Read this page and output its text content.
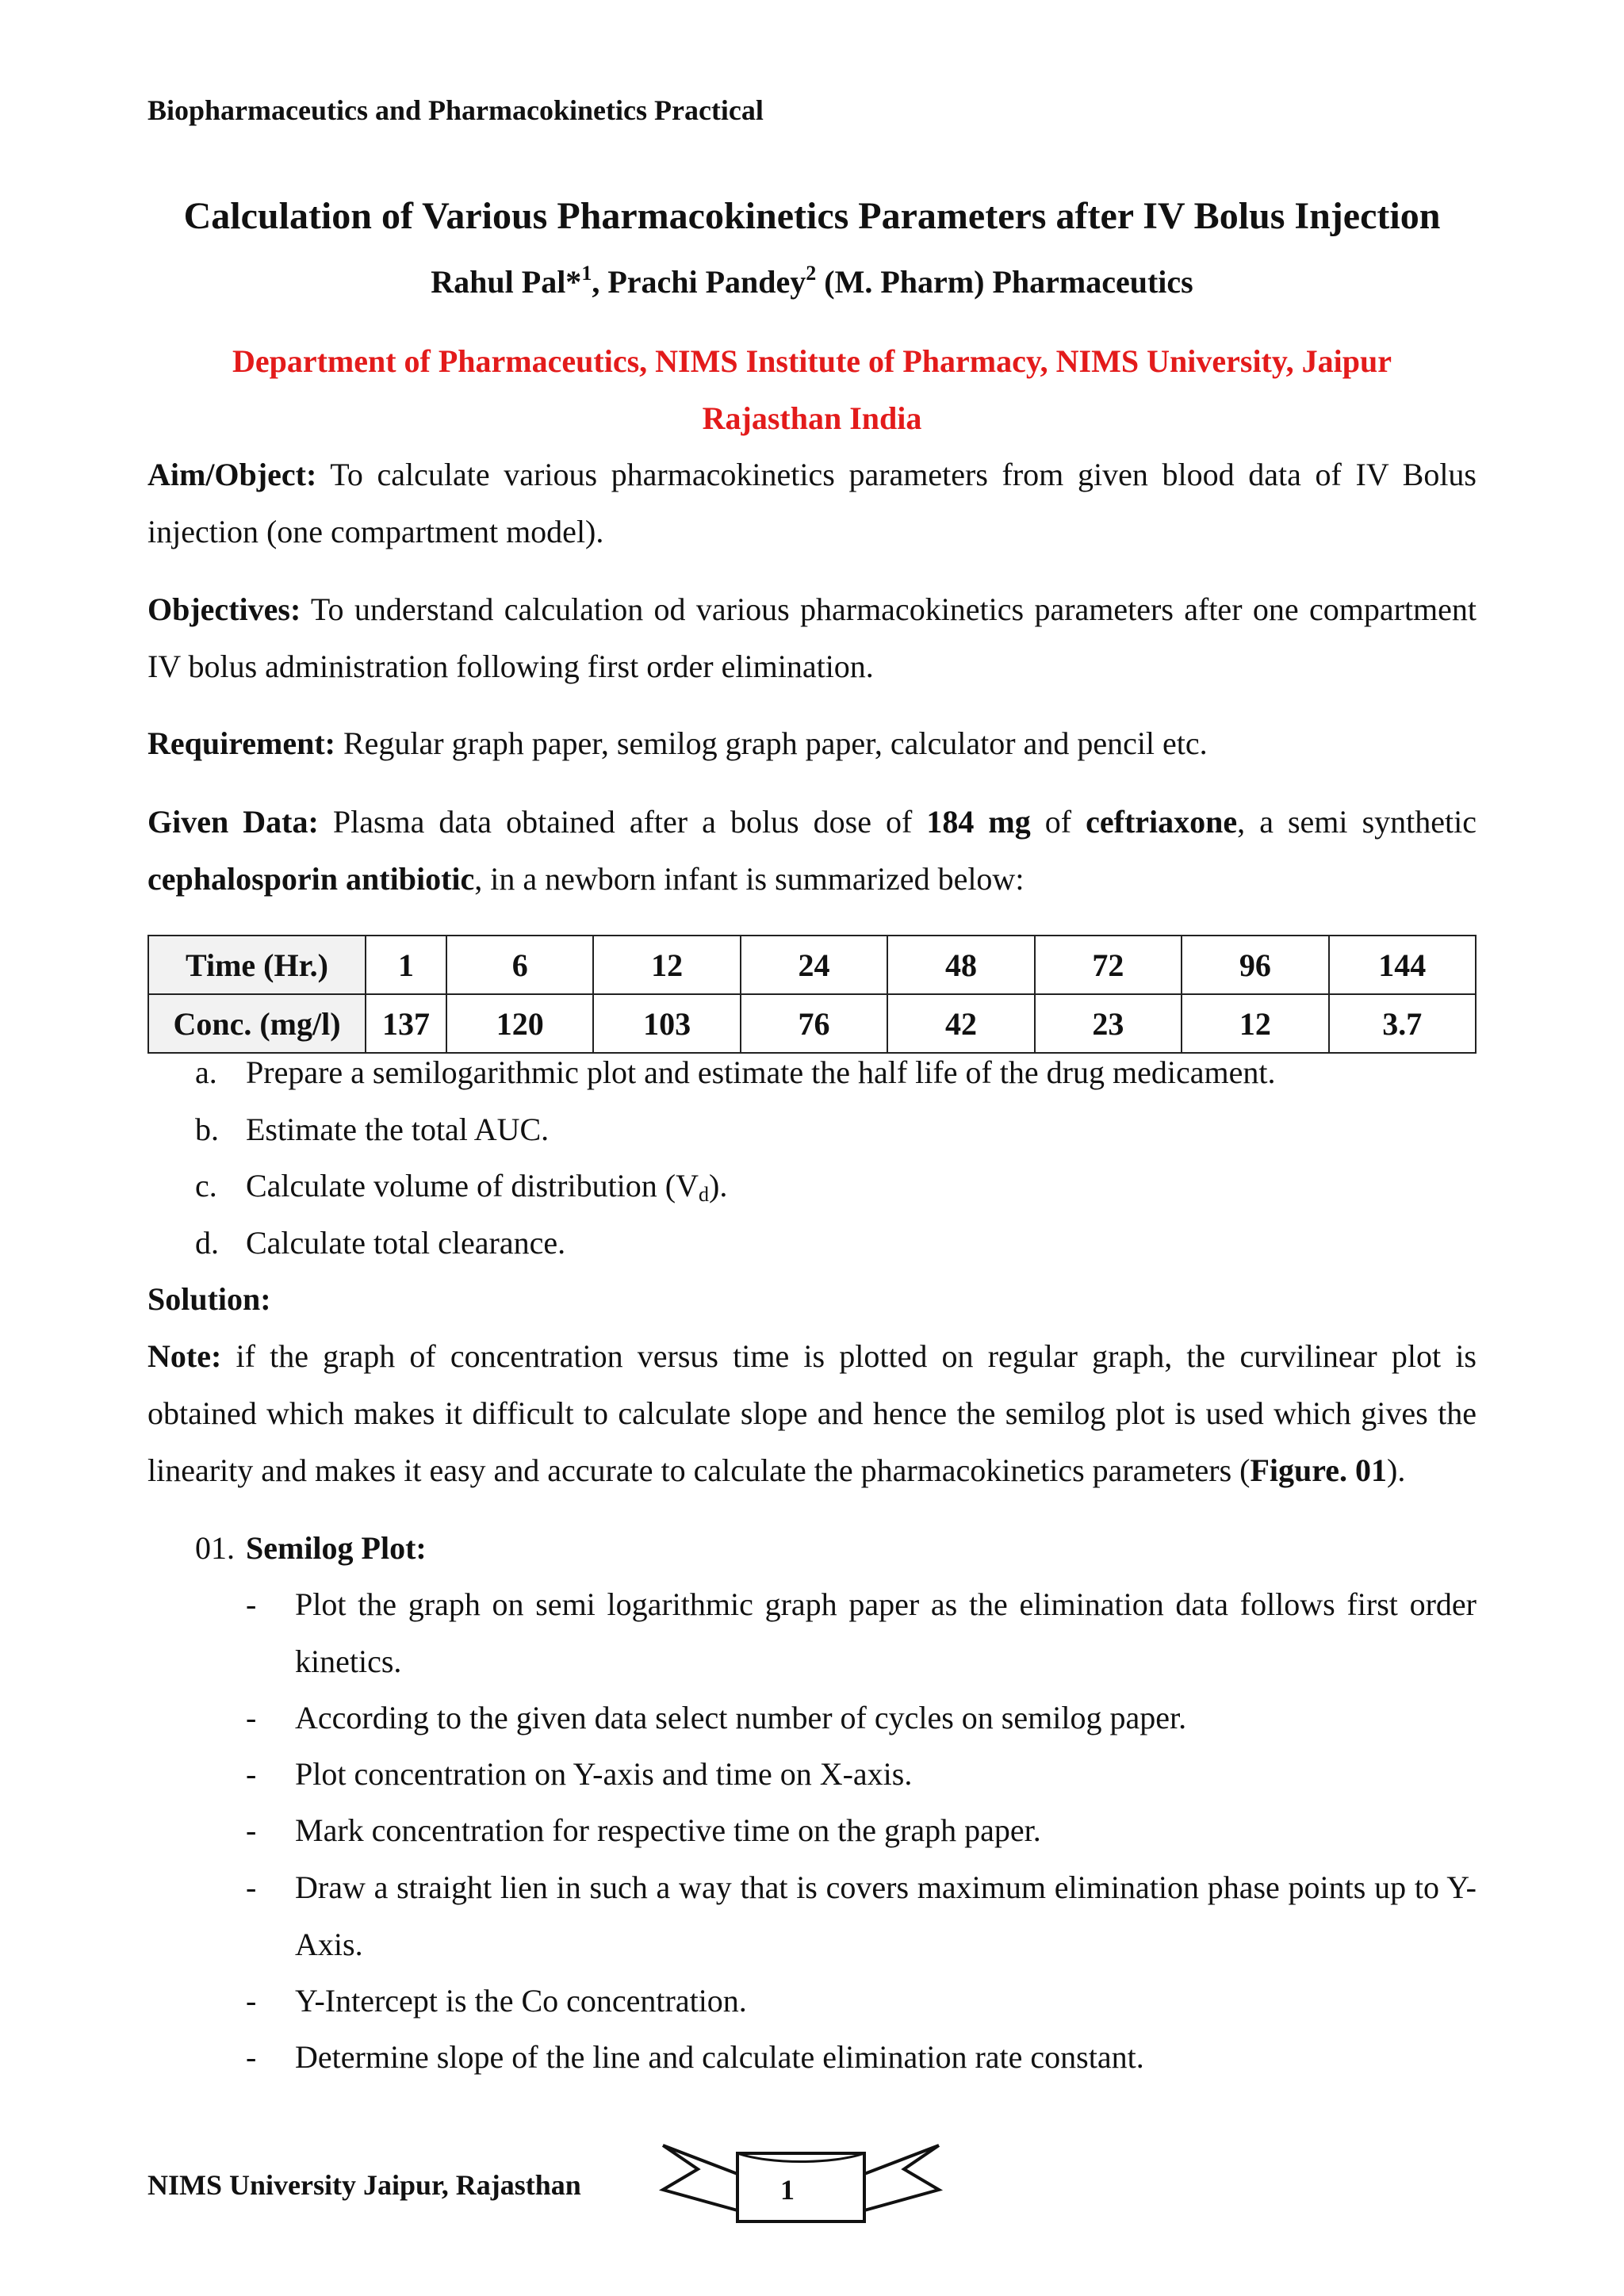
Biopharmaceutics and Pharmacokinetics Practical
Calculation of Various Pharmacokinetics Parameters after IV Bolus Injection
Rahul Pal*$^1$, Prachi Pandey$^2$ (M. Pharm) Pharmaceutics
Department of Pharmaceutics, NIMS Institute of Pharmacy, NIMS University, Jaipur
Rajasthan India
Aim/Object: To calculate various pharmacokinetics parameters from given blood data of IV Bolus injection (one compartment model).
Objectives: To understand calculation od various pharmacokinetics parameters after one compartment IV bolus administration following first order elimination.
Requirement: Regular graph paper, semilog graph paper, calculator and pencil etc.
Given Data: Plasma data obtained after a bolus dose of 184 mg of ceftriaxone, a semi synthetic cephalosporin antibiotic, in a newborn infant is summarized below:
Time (Hr.)	1	6	12	24	48	72	96	144
Conc. (mg/l)	137	120	103	76	42	23	12	3.7
a. Prepare a semilogarithmic plot and estimate the half life of the drug medicament.
b. Estimate the total AUC.
c. Calculate volume of distribution $(V_d)$.
d. Calculate total clearance.
Solution:
Note: if the graph of concentration versus time is plotted on regular graph, the curvilinear plot is obtained which makes it difficult to calculate slope and hence the semilog plot is used which gives the linearity and makes it easy and accurate to calculate the pharmacokinetics parameters (Figure. 01).
01. Semilog Plot:
- Plot the graph on semi logarithmic graph paper as the elimination data follows first order kinetics.
- According to the given data select number of cycles on semilog paper.
- Plot concentration on Y-axis and time on X-axis.
- Mark concentration for respective time on the graph paper.
- Draw a straight lien in such a way that is covers maximum elimination phase points up to Y-Axis.
- Y-Intercept is the Co concentration.
- Determine slope of the line and calculate elimination rate constant.
NIMS University Jaipur, Rajasthan	1
